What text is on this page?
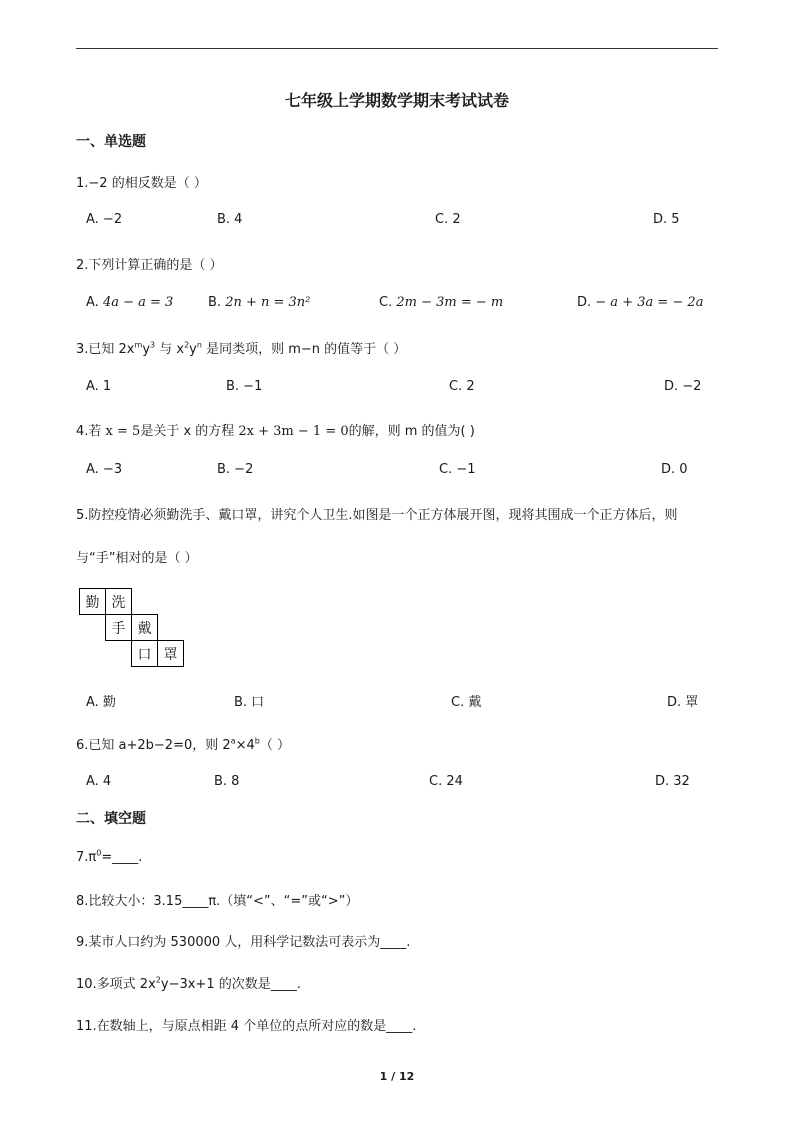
七年级上学期数学期末考试试卷
一、单选题
1.−2 的相反数是（ ）
A. −2	B. 4	C. 2	D. 5
2.下列计算正确的是（ ）
A. 4a − a = 3	B. 2n + n = 3n²	C. 2m − 3m = − m	D. − a + 3a = − 2a
3.已知 $2x^my^3$ 与 $x^2y^n$ 是同类项，则 m−n 的值等于（ ）
A. 1	B. −1	C. 2	D. −2
4.若 x = 5是关于 x 的方程 2x + 3m − 1 = 0的解，则 m 的值为( )
A. −3	B. −2	C. −1	D. 0
5.防控疫情必须勤洗手、戴口罩，讲究个人卫生.如图是一个正方体展开图，现将其围成一个正方体后，则
与“手”相对的是（ ）
勤 洗
手 戴
口 罩
A. 勤	B. 口	C. 戴	D. 罩
6.已知 a+2b−2=0，则 $2^a\times 4^b$（ ）
A. 4	B. 8	C. 24	D. 32
二、填空题
$7.\pi^0=\_\_\_\_$.
8.比较大小：3.15____π.（填“<”、“=”或“>”）
9.某市人口约为 530000 人，用科学记数法可表示为____.
10.多项式 $2x^2y-3x+1$ 的次数是____.
11.在数轴上，与原点相距 4 个单位的点所对应的数是____.
1 / 12
